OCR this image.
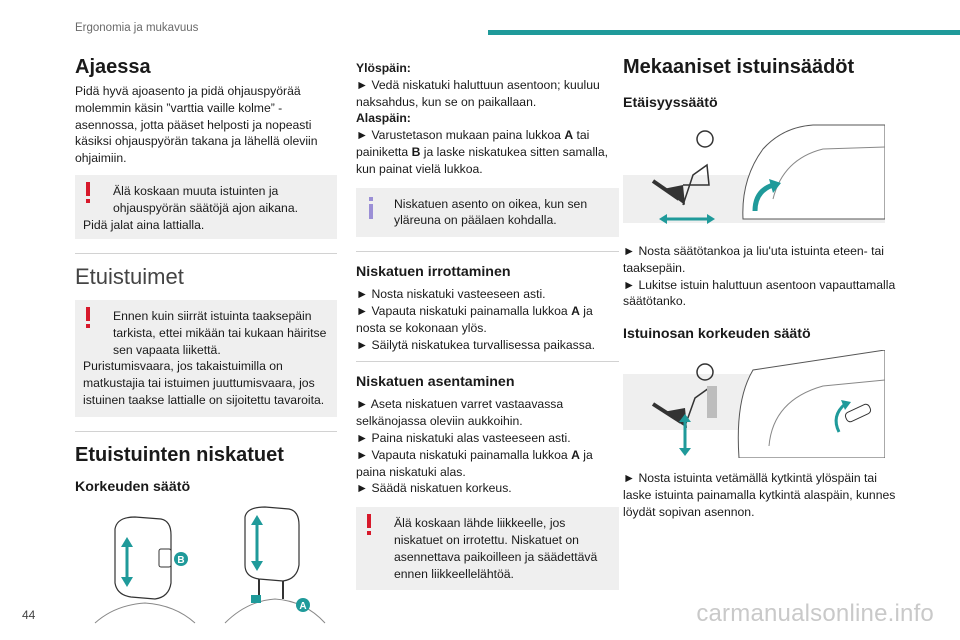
Ergonomia ja mukavuus
Ajaessa

Pidä hyvä ajoasento ja pidä ohjauspyörää molemmin käsin ”varttia vaille kolme” -asennossa, jotta pääset helposti ja nopeasti käsiksi ohjauspyörän takana ja lähellä oleviin ohjaimiin.

Älä koskaan muuta istuinten ja ohjauspyörän säätöjä ajon aikana.

Pidä jalat aina lattialla.

Etuistuimet

Ennen kuin siirrät istuinta taaksepäin tarkista, ettei mikään tai kukaan häiritse sen vapaata liikettä.

Puristumisvaara, jos takaistuimilla on matkustajia tai istuimen juuttumisvaara, jos istuinen taakse lattialle on sijoitettu tavaroita.

Etuistuinten niskatuet
Korkeuden säätö
B
A

Ylöspäin:

► Vedä niskatuki haluttuun asentoon; kuuluu naksahdus, kun se on paikallaan.

Alaspäin:

► Varustetason mukaan paina lukkoa A tai painiketta B ja laske niskatukea sitten samalla, kun painat vielä lukkoa.

Niskatuen asento on oikea, kun sen yläreuna on päälaen kohdalla.

Niskatuen irrottaminen

► Nosta niskatuki vasteeseen asti.

► Vapauta niskatuki painamalla lukkoa A ja nosta se kokonaan ylös.

► Säilytä niskatukea turvallisessa paikassa.

Niskatuen asentaminen

► Aseta niskatuen varret vastaavassa selkänojassa oleviin aukkoihin.

► Paina niskatuki alas vasteeseen asti.

► Vapauta niskatuki painamalla lukkoa A ja paina niskatuki alas.

► Säädä niskatuen korkeus.

Älä koskaan lähde liikkeelle, jos niskatuet on irrotettu. Niskatuet on asennettava paikoilleen ja säädettävä ennen liikkeellelähtöä.

Mekaaniset istuinsäädöt
Etäisyyssäätö

► Nosta säätötankoa ja liu'uta istuinta eteen- tai taaksepäin.
► Lukitse istuin haluttuun asentoon vapauttamalla säätötanko.

Istuinosan korkeuden säätö

► Nosta istuinta vetämällä kytkintä ylöspäin tai laske istuinta painamalla kytkintä alaspäin, kunnes löydät sopivan asennon.

44	carmanualsonline.info
